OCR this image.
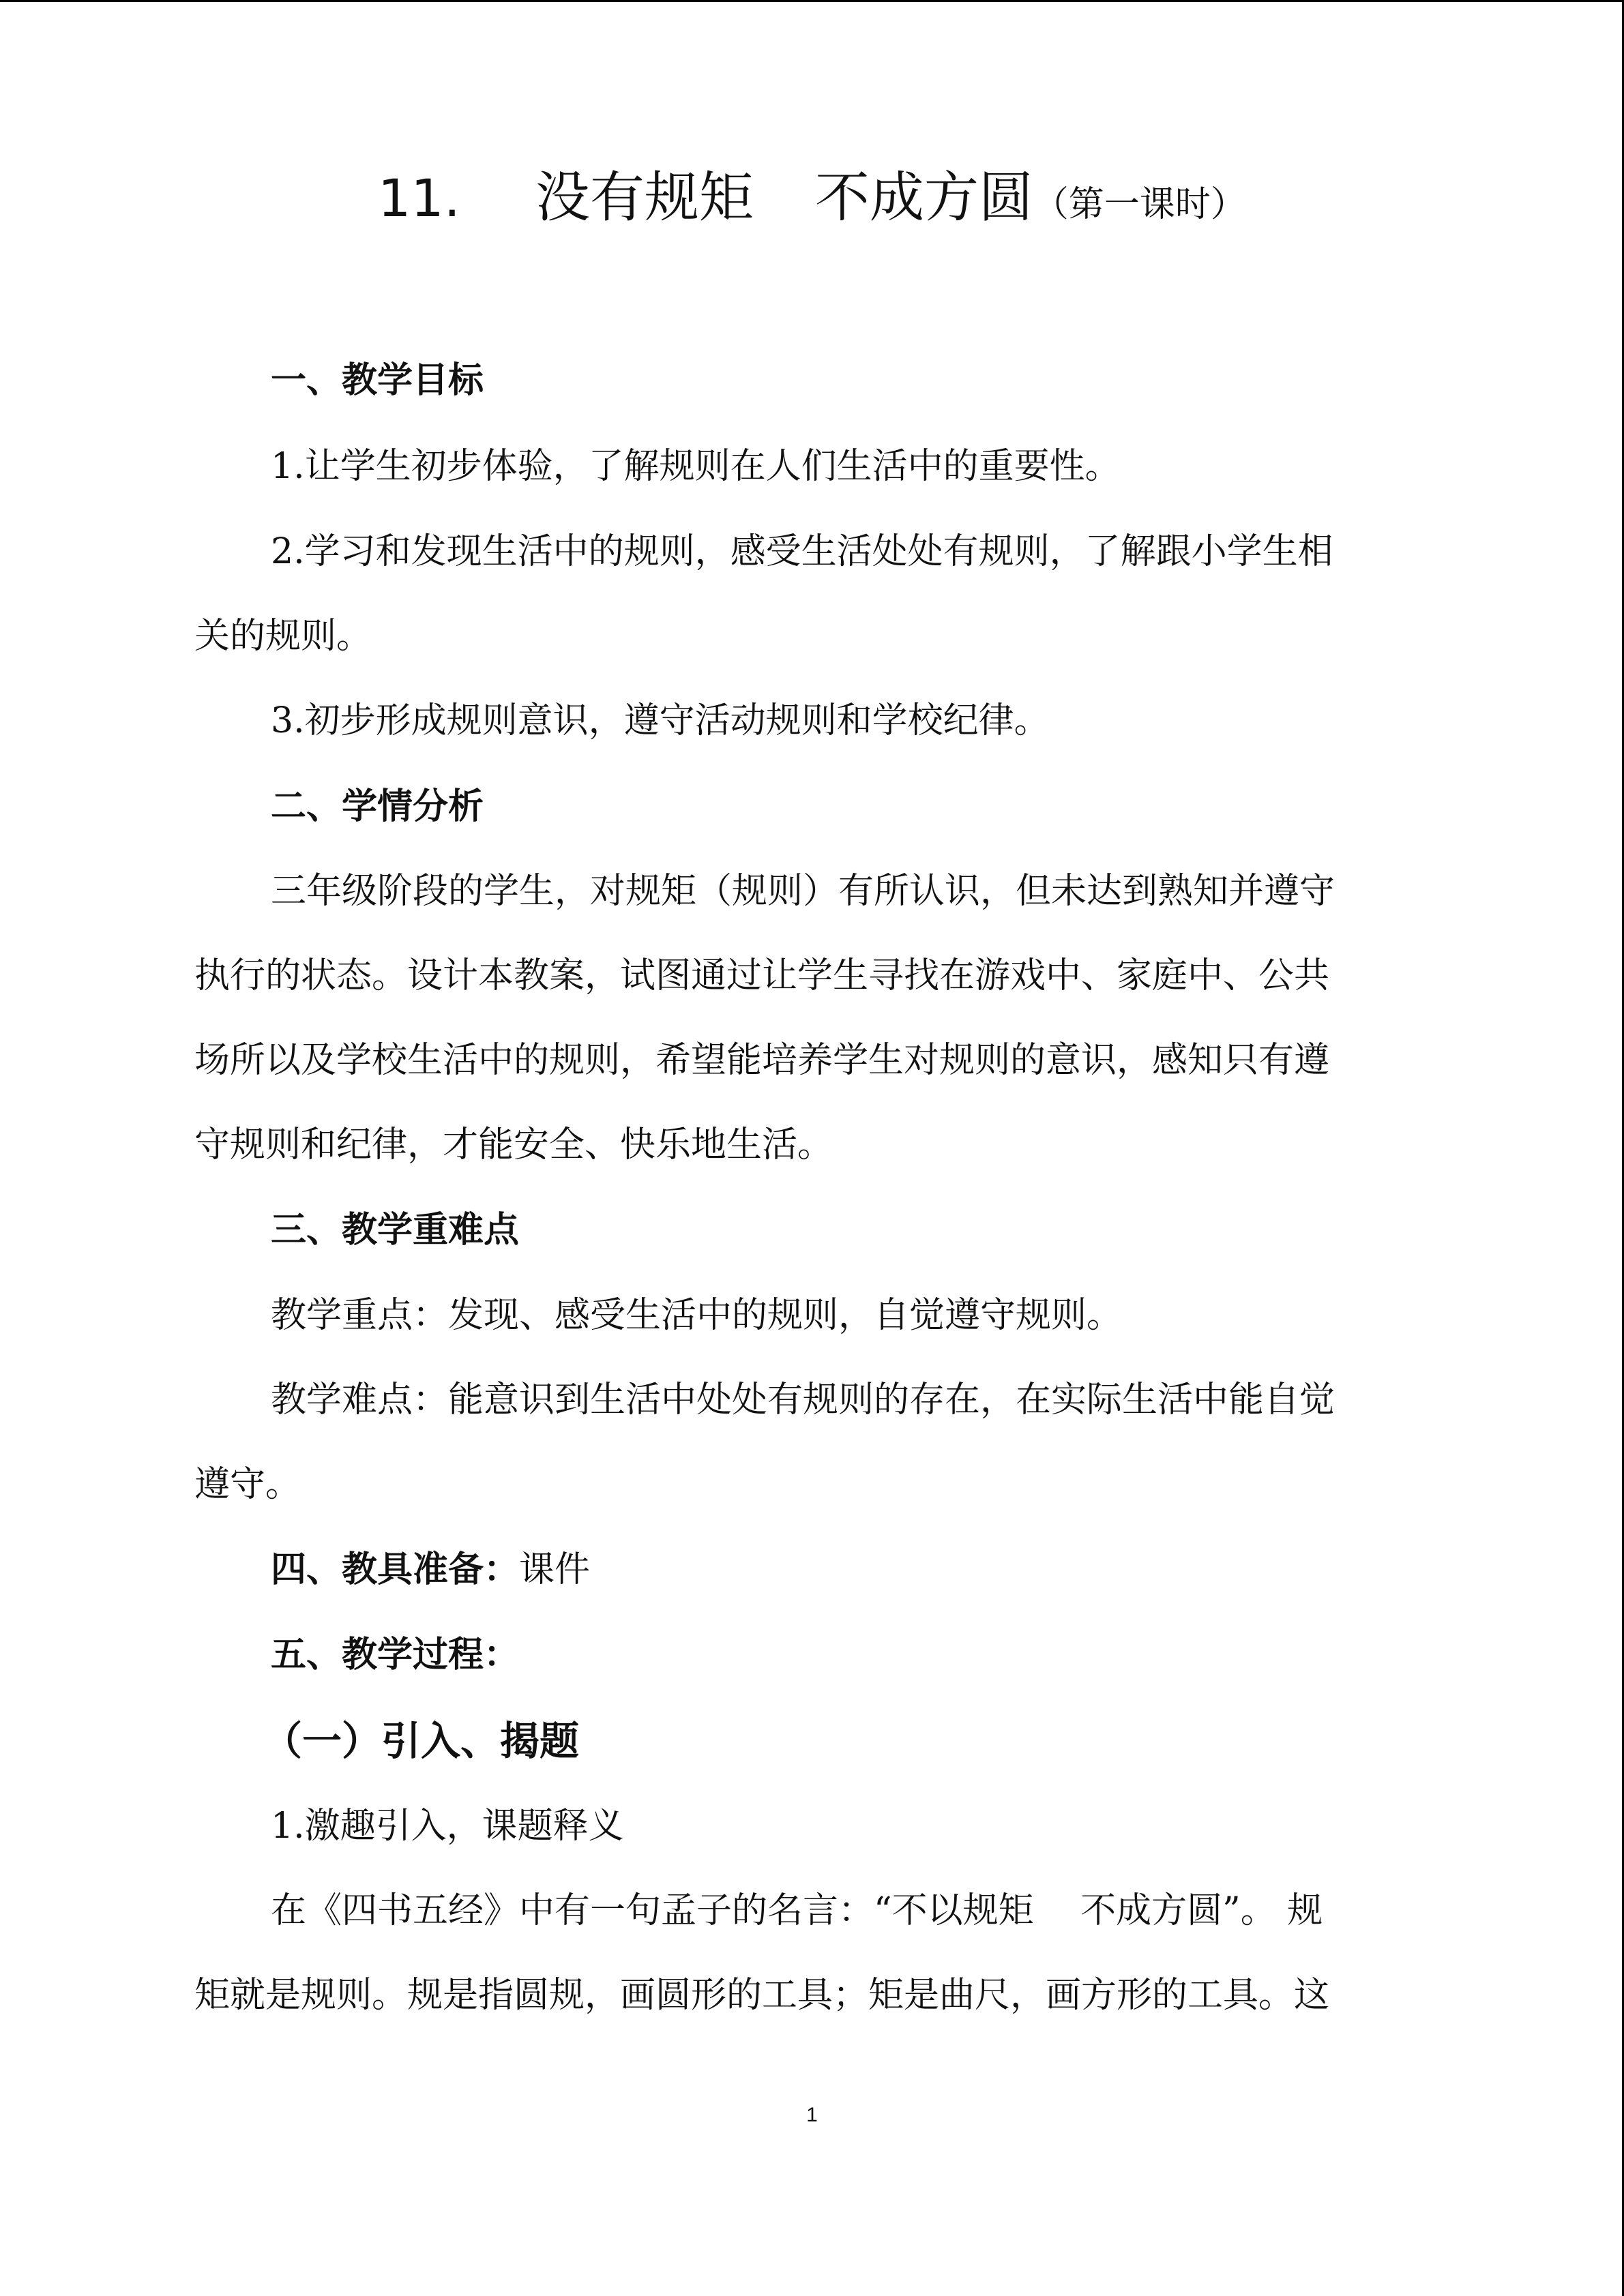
11. 没有规矩 不成方圆（第一课时）
一、教学目标
1.让学生初步体验，了解规则在人们生活中的重要性。
2.学习和发现生活中的规则，感受生活处处有规则，了解跟小学生相
关的规则。
3.初步形成规则意识，遵守活动规则和学校纪律。
二、学情分析
三年级阶段的学生，对规矩（规则）有所认识，但未达到熟知并遵守
执行的状态。设计本教案，试图通过让学生寻找在游戏中、家庭中、公共
场所以及学校生活中的规则，希望能培养学生对规则的意识，感知只有遵
守规则和纪律，才能安全、快乐地生活。
三、教学重难点
教学重点：发现、感受生活中的规则，自觉遵守规则。
教学难点：能意识到生活中处处有规则的存在，在实际生活中能自觉
遵守。
四、教具准备：课件
五、教学过程：
（一）引入、揭题
1.激趣引入，课题释义
在《四书五经》中有一句孟子的名言：“不以规矩　 不成方圆”。 规
矩就是规则。规是指圆规，画圆形的工具；矩是曲尺，画方形的工具。这
1
